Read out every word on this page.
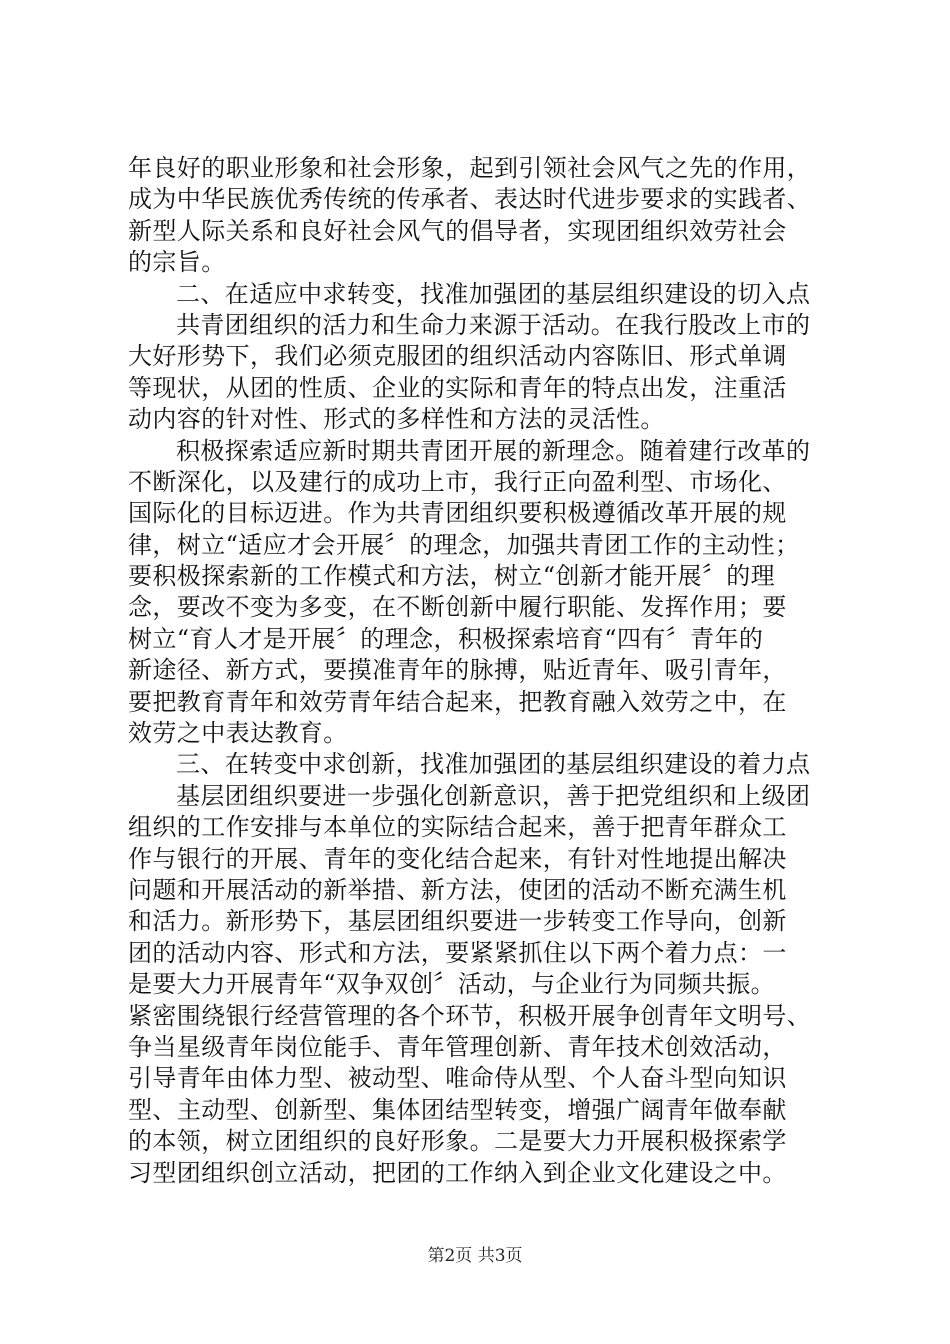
年良好的职业形象和社会形象，起到引领社会风气之先的作用，
成为中华民族优秀传统的传承者、表达时代进步要求的实践者、
新型人际关系和良好社会风气的倡导者，实现团组织效劳社会
的宗旨。
二、在适应中求转变，找准加强团的基层组织建设的切入点
共青团组织的活力和生命力来源于活动。在我行股改上市的
大好形势下，我们必须克服团的组织活动内容陈旧、形式单调
等现状，从团的性质、企业的实际和青年的特点出发，注重活
动内容的针对性、形式的多样性和方法的灵活性。
积极探索适应新时期共青团开展的新理念。随着建行改革的
不断深化，以及建行的成功上市，我行正向盈利型、市场化、
国际化的目标迈进。作为共青团组织要积极遵循改革开展的规
律，树立“适应才会开展〞的理念，加强共青团工作的主动性；
要积极探索新的工作模式和方法，树立“创新才能开展〞的理
念，要改不变为多变，在不断创新中履行职能、发挥作用；要
树立“育人才是开展〞的理念，积极探索培育“四有〞青年的
新途径、新方式，要摸准青年的脉搏，贴近青年、吸引青年，
要把教育青年和效劳青年结合起来，把教育融入效劳之中，在
效劳之中表达教育。
三、在转变中求创新，找准加强团的基层组织建设的着力点
基层团组织要进一步强化创新意识，善于把党组织和上级团
组织的工作安排与本单位的实际结合起来，善于把青年群众工
作与银行的开展、青年的变化结合起来，有针对性地提出解决
问题和开展活动的新举措、新方法，使团的活动不断充满生机
和活力。新形势下，基层团组织要进一步转变工作导向，创新
团的活动内容、形式和方法，要紧紧抓住以下两个着力点：一
是要大力开展青年“双争双创〞活动，与企业行为同频共振。
紧密围绕银行经营管理的各个环节，积极开展争创青年文明号、
争当星级青年岗位能手、青年管理创新、青年技术创效活动，
引导青年由体力型、被动型、唯命侍从型、个人奋斗型向知识
型、主动型、创新型、集体团结型转变，增强广阔青年做奉献
的本领，树立团组织的良好形象。二是要大力开展积极探索学
习型团组织创立活动，把团的工作纳入到企业文化建设之中。
第2页 共3页
